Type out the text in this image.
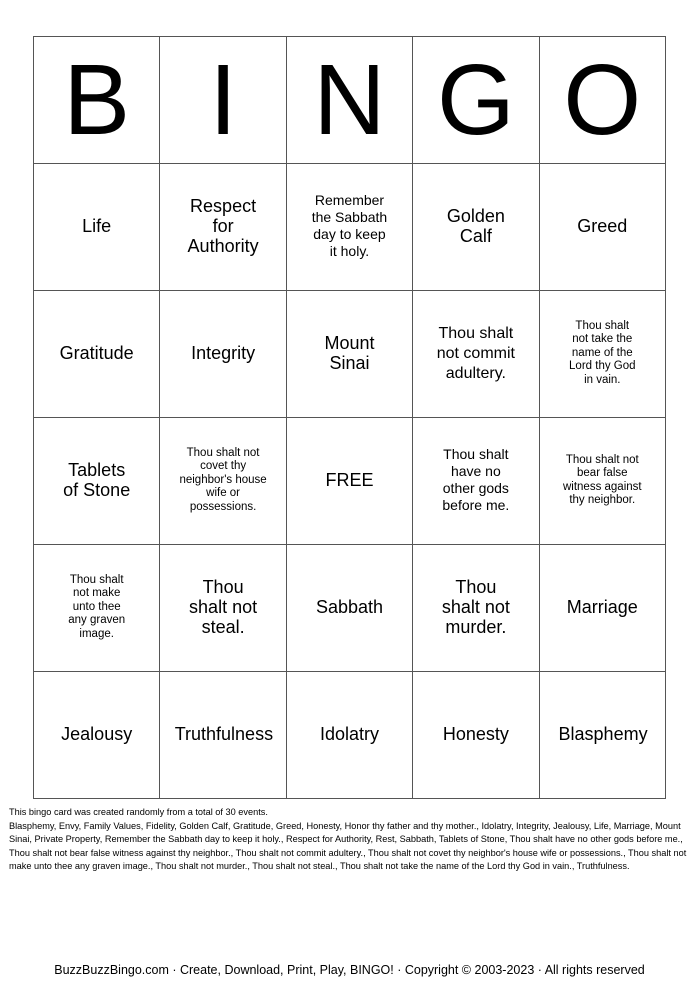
B	I	N	G	O
Life	Respect for Authority	Remember the Sabbath day to keep it holy.	Golden Calf	Greed
Gratitude	Integrity	Mount Sinai	Thou shalt not commit adultery.	Thou shalt not take the name of the Lord thy God in vain.
Tablets of Stone	Thou shalt not covet thy neighbor's house wife or possessions.	FREE	Thou shalt have no other gods before me.	Thou shalt not bear false witness against thy neighbor.
Thou shalt not make unto thee any graven image.	Thou shalt not steal.	Sabbath	Thou shalt not murder.	Marriage
Jealousy	Truthfulness	Idolatry	Honesty	Blasphemy

This bingo card was created randomly from a total of 30 events.

Blasphemy, Envy, Family Values, Fidelity, Golden Calf, Gratitude, Greed, Honesty, Honor thy father and thy mother., Idolatry, Integrity, Jealousy, Life, Marriage, Mount Sinai, Private Property, Remember the Sabbath day to keep it holy., Respect for Authority, Rest, Sabbath, Tablets of Stone, Thou shalt have no other gods before me., Thou shalt not bear false witness against thy neighbor., Thou shalt not commit adultery., Thou shalt not covet thy neighbor's house wife or possessions., Thou shalt not make unto thee any graven image., Thou shalt not murder., Thou shalt not steal., Thou shalt not take the name of the Lord thy God in vain., Truthfulness.

BuzzBuzzBingo.com · Create, Download, Print, Play, BINGO! · Copyright © 2003-2023 · All rights reserved
